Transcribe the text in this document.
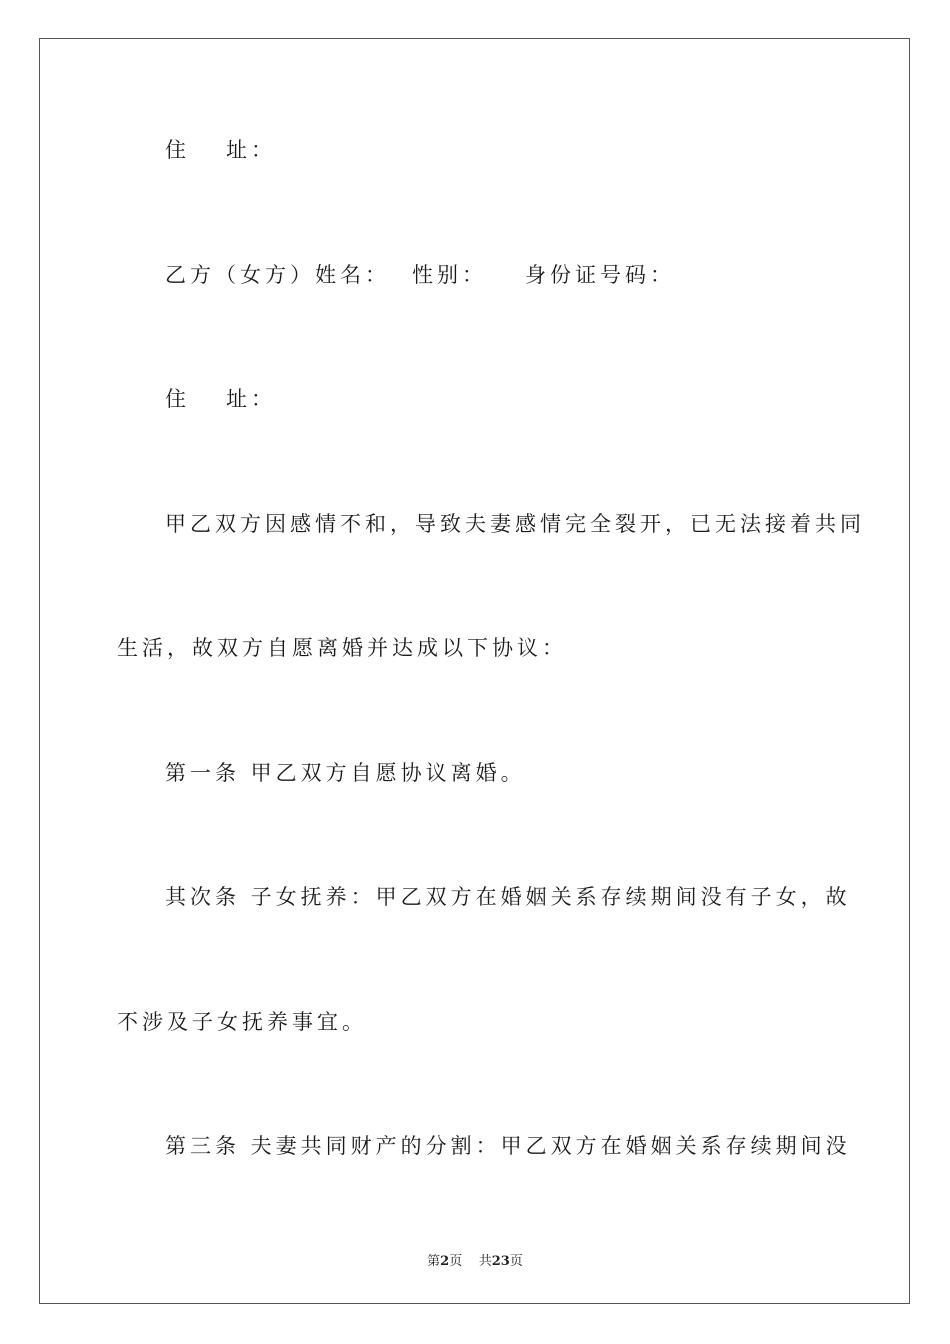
住 址：
乙方（女方）姓名： 性别： 身份证号码：
住 址：
甲乙双方因感情不和，导致夫妻感情完全裂开，已无法接着共同
生活，故双方自愿离婚并达成以下协议：
第一条 甲乙双方自愿协议离婚。
其次条 子女抚养：甲乙双方在婚姻关系存续期间没有子女，故
不涉及子女抚养事宜。
第三条 夫妻共同财产的分割：甲乙双方在婚姻关系存续期间没
第2页 共23页
